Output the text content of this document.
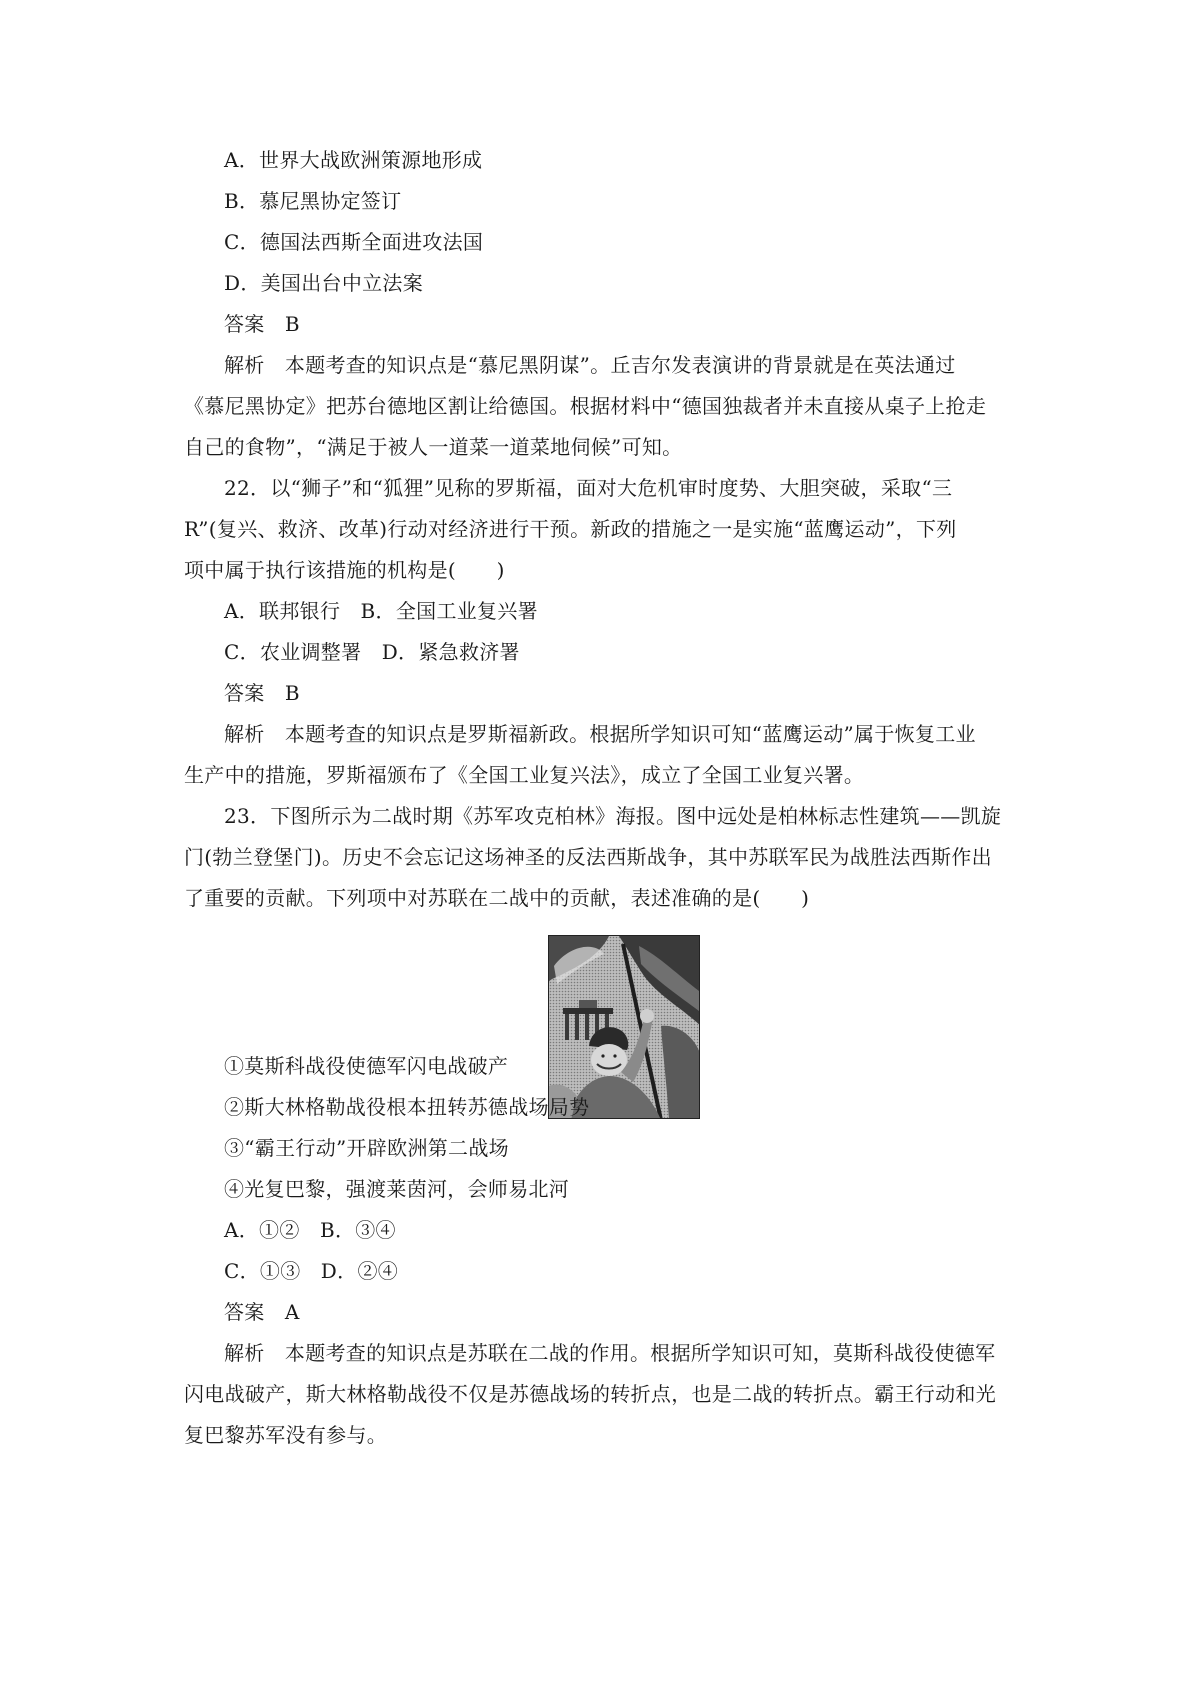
A．世界大战欧洲策源地形成
B．慕尼黑协定签订
C．德国法西斯全面进攻法国
D．美国出台中立法案
答案　B
解析　本题考查的知识点是“慕尼黑阴谋”。丘吉尔发表演讲的背景就是在英法通过
《慕尼黑协定》把苏台德地区割让给德国。根据材料中“德国独裁者并未直接从桌子上抢走
自己的食物”，“满足于被人一道菜一道菜地伺候”可知。
22．以“狮子”和“狐狸”见称的罗斯福，面对大危机审时度势、大胆突破，采取“三
R”(复兴、救济、改革)行动对经济进行干预。新政的措施之一是实施“蓝鹰运动”，下列
项中属于执行该措施的机构是(　　)
A．联邦银行　B．全国工业复兴署
C．农业调整署　D．紧急救济署
答案　B
解析　本题考查的知识点是罗斯福新政。根据所学知识可知“蓝鹰运动”属于恢复工业
生产中的措施，罗斯福颁布了《全国工业复兴法》，成立了全国工业复兴署。
23．下图所示为二战时期《苏军攻克柏林》海报。图中远处是柏林标志性建筑——凯旋
门(勃兰登堡门)。历史不会忘记这场神圣的反法西斯战争，其中苏联军民为战胜法西斯作出
了重要的贡献。下列项中对苏联在二战中的贡献，表述准确的是(　　)
①莫斯科战役使德军闪电战破产
②斯大林格勒战役根本扭转苏德战场局势
③“霸王行动”开辟欧洲第二战场
④光复巴黎，强渡莱茵河，会师易北河
A．①②　B．③④
C．①③　D．②④
答案　A
解析　本题考查的知识点是苏联在二战的作用。根据所学知识可知，莫斯科战役使德军
闪电战破产，斯大林格勒战役不仅是苏德战场的转折点，也是二战的转折点。霸王行动和光
复巴黎苏军没有参与。
